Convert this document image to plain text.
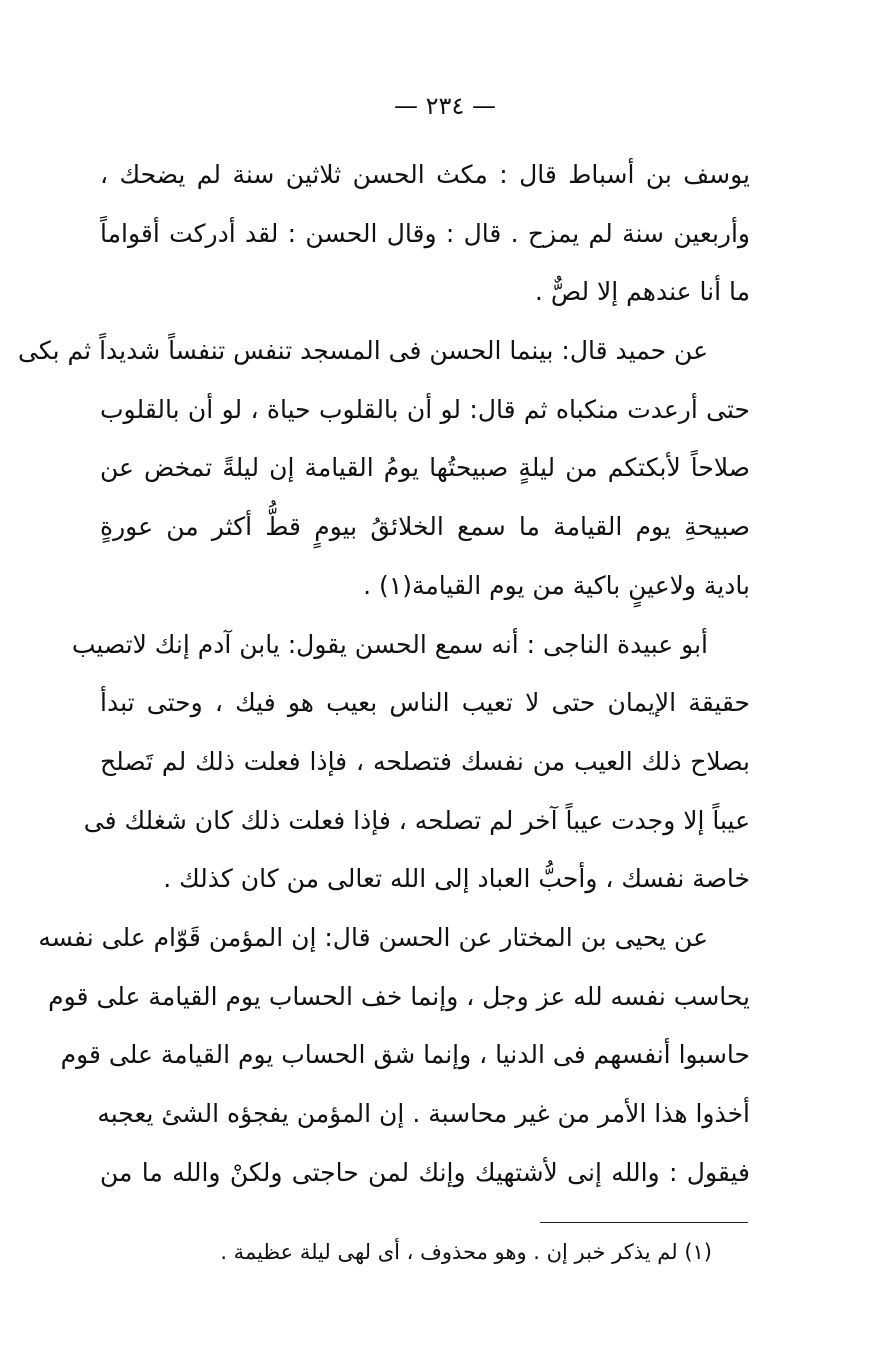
— ٢٣٤ —
يوسف بن أسباط قال : مكث الحسن ثلاثين سنة لم يضحك ،
وأربعين سنة لم يمزح . قال : وقال الحسن : لقد أدركت أقواماً
ما أنا عندهم إلا لصٌّ .
عن حميد قال: بينما الحسن فى المسجد تنفس تنفساً شديداً ثم بكى
حتى أرعدت منكباه ثم قال: لو أن بالقلوب حياة ، لو أن بالقلوب
صلاحاً لأبكتكم من ليلةٍ صبيحتُها يومُ القيامة إن ليلةً تمخض عن
صبيحةِ يوم القيامة ما سمع الخلائقُ بيومٍ قطُّ أكثر من عورةٍ
بادية ولاعينٍ باكية من يوم القيامة(١) .
أبو عبيدة الناجى : أنه سمع الحسن يقول: يابن آدم إنك لاتصيب
حقيقة الإيمان حتى لا تعيب الناس بعيب هو فيك ، وحتى تبدأ
بصلاح ذلك العيب من نفسك فتصلحه ، فإذا فعلت ذلك لم تَصلح
عيباً إلا وجدت عيباً آخر لم تصلحه ، فإذا فعلت ذلك كان شغلك فى
خاصة نفسك ، وأحبُّ العباد إلى الله تعالى من كان كذلك .
عن يحيى بن المختار عن الحسن قال: إن المؤمن قَوّام على نفسه
يحاسب نفسه لله عز وجل ، وإنما خف الحساب يوم القيامة على قوم
حاسبوا أنفسهم فى الدنيا ، وإنما شق الحساب يوم القيامة على قوم
أخذوا هذا الأمر من غير محاسبة . إن المؤمن يفجؤه الشئ يعجبه
فيقول : والله إنى لأشتهيك وإنك لمن حاجتى ولكنْ والله ما من
(١) لم يذكر خبر إن . وهو محذوف ، أى لهى ليلة عظيمة .
